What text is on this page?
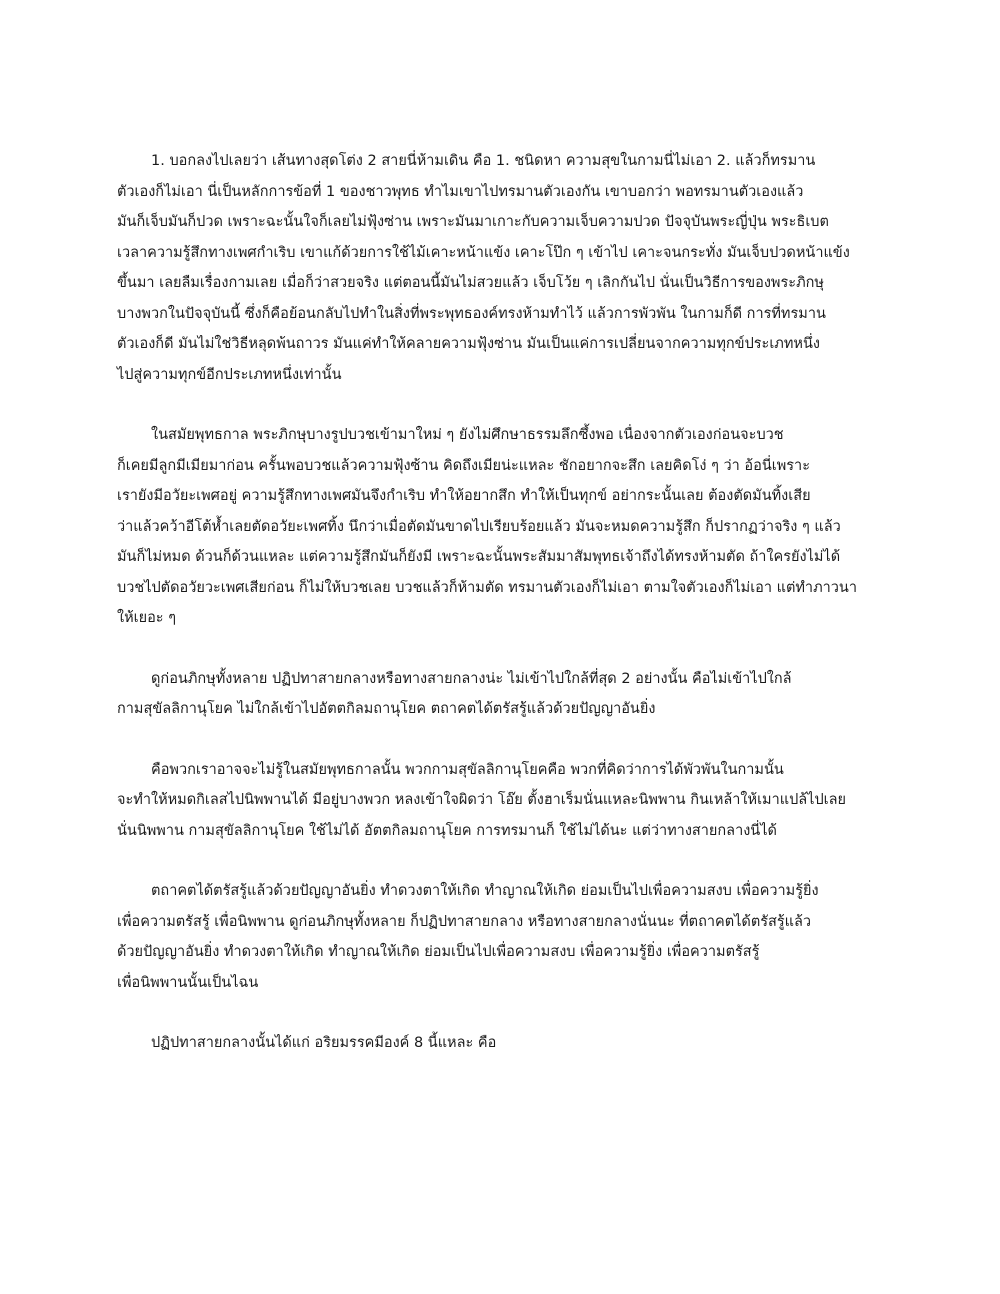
1. บอกลงไปเลยว่า เส้นทางสุดโต่ง 2 สายนี่ห้ามเดิน คือ 1. ชนิดหา ความสุขในกามนี่ไม่เอา 2. แล้วก็ทรมาน
ตัวเองก็ไม่เอา นี่เป็นหลักการข้อที่ 1 ของชาวพุทธ ทำไมเขาไปทรมานตัวเองกัน เขาบอกว่า พอทรมานตัวเองแล้ว
มันก็เจ็บมันก็ปวด เพราะฉะนั้นใจก็เลยไม่ฟุ้งซ่าน เพราะมันมาเกาะกับความเจ็บความปวด ปัจจุบันพระญี่ปุ่น พระธิเบต
เวลาความรู้สึกทางเพศกำเริบ เขาแก้ด้วยการใช้ไม้เคาะหน้าแข้ง เคาะโป๊ก ๆ เข้าไป เคาะจนกระทั่ง มันเจ็บปวดหน้าแข้ง
ขึ้นมา เลยลืมเรื่องกามเลย เมื่อก็ว่าสวยจริง แต่ตอนนี้มันไม่สวยแล้ว เจ็บโว้ย ๆ เลิกกันไป นั่นเป็นวิธีการของพระภิกษุ
บางพวกในปัจจุบันนี้ ซึ่งก็คือย้อนกลับไปทำในสิ่งที่พระพุทธองค์ทรงห้ามทำไว้ แล้วการพัวพัน ในกามก็ดี การที่ทรมาน
ตัวเองก็ดี มันไม่ใช่วิธีหลุดพ้นถาวร มันแค่ทำให้คลายความฟุ้งซ่าน มันเป็นแค่การเปลี่ยนจากความทุกข์ประเภทหนึ่ง
ไปสู่ความทุกข์อีกประเภทหนึ่งเท่านั้น

ในสมัยพุทธกาล พระภิกษุบางรูปบวชเข้ามาใหม่ ๆ ยังไม่ศึกษาธรรมลึกซึ้งพอ เนื่องจากตัวเองก่อนจะบวช
ก็เคยมีลูกมีเมียมาก่อน ครั้นพอบวชแล้วความฟุ้งซ้าน คิดถึงเมียน่ะแหละ ชักอยากจะสึก เลยคิดโง่ ๆ ว่า อ้อนี่เพราะ
เรายังมีอวัยะเพศอยู่ ความรู้สึกทางเพศมันจึงกำเริบ ทำให้อยากสึก ทำให้เป็นทุกข์ อย่ากระนั้นเลย ต้องตัดมันทิ้งเสีย
ว่าแล้วคว้าอีโต้ห้ำเลยตัดอวัยะเพศทิ้ง นึกว่าเมื่อตัดมันขาดไปเรียบร้อยแล้ว มันจะหมดความรู้สึก ก็ปรากฏว่าจริง ๆ แล้ว
มันก็ไม่หมด ด้วนก็ด้วนแหละ แต่ความรู้สึกมันก็ยังมี เพราะฉะนั้นพระสัมมาสัมพุทธเจ้าถึงได้ทรงห้ามตัด ถ้าใครยังไม่ได้
บวชไปตัดอวัยวะเพศเสียก่อน ก็ไม่ให้บวชเลย บวชแล้วก็ห้ามตัด ทรมานตัวเองก็ไม่เอา ตามใจตัวเองก็ไม่เอา แต่ทำภาวนา
ให้เยอะ ๆ

ดูก่อนภิกษุทั้งหลาย ปฏิปทาสายกลางหรือทางสายกลางน่ะ ไม่เข้าไปใกล้ที่สุด 2 อย่างนั้น คือไม่เข้าไปใกล้
กามสุขัลลิกานุโยค ไม่ใกล้เข้าไปอัตตกิลมถานุโยค ตถาคตได้ตรัสรู้แล้วด้วยปัญญาอันยิ่ง

คือพวกเราอาจจะไม่รู้ในสมัยพุทธกาลนั้น พวกกามสุขัลลิกานุโยคคือ พวกที่คิดว่าการได้พัวพันในกามนั้น
จะทำให้หมดกิเลสไปนิพพานได้ มีอยู่บางพวก หลงเข้าใจผิดว่า โอ๊ย ตั้งฮาเร็มนั่นแหละนิพพาน กินเหล้าให้เมาแปล้ไปเลย
นั่นนิพพาน กามสุขัลลิกานุโยค ใช้ไม่ได้ อัตตกิลมถานุโยค การทรมานก็ ใช้ไม่ได้นะ แต่ว่าทางสายกลางนี่ได้

ตถาคตได้ตรัสรู้แล้วด้วยปัญญาอันยิ่ง ทำดวงตาให้เกิด ทำญาณให้เกิด ย่อมเป็นไปเพื่อความสงบ เพื่อความรู้ยิ่ง
เพื่อความตรัสรู้ เพื่อนิพพาน ดูก่อนภิกษุทั้งหลาย ก็ปฏิปทาสายกลาง หรือทางสายกลางนั่นนะ ที่ตถาคตได้ตรัสรู้แล้ว
ด้วยปัญญาอันยิ่ง ทำดวงตาให้เกิด ทำญาณให้เกิด ย่อมเป็นไปเพื่อความสงบ เพื่อความรู้ยิ่ง เพื่อความตรัสรู้
เพื่อนิพพานนั้นเป็นไฉน

ปฏิปทาสายกลางนั้นได้แก่ อริยมรรคมีองค์ 8 นี้แหละ คือ
